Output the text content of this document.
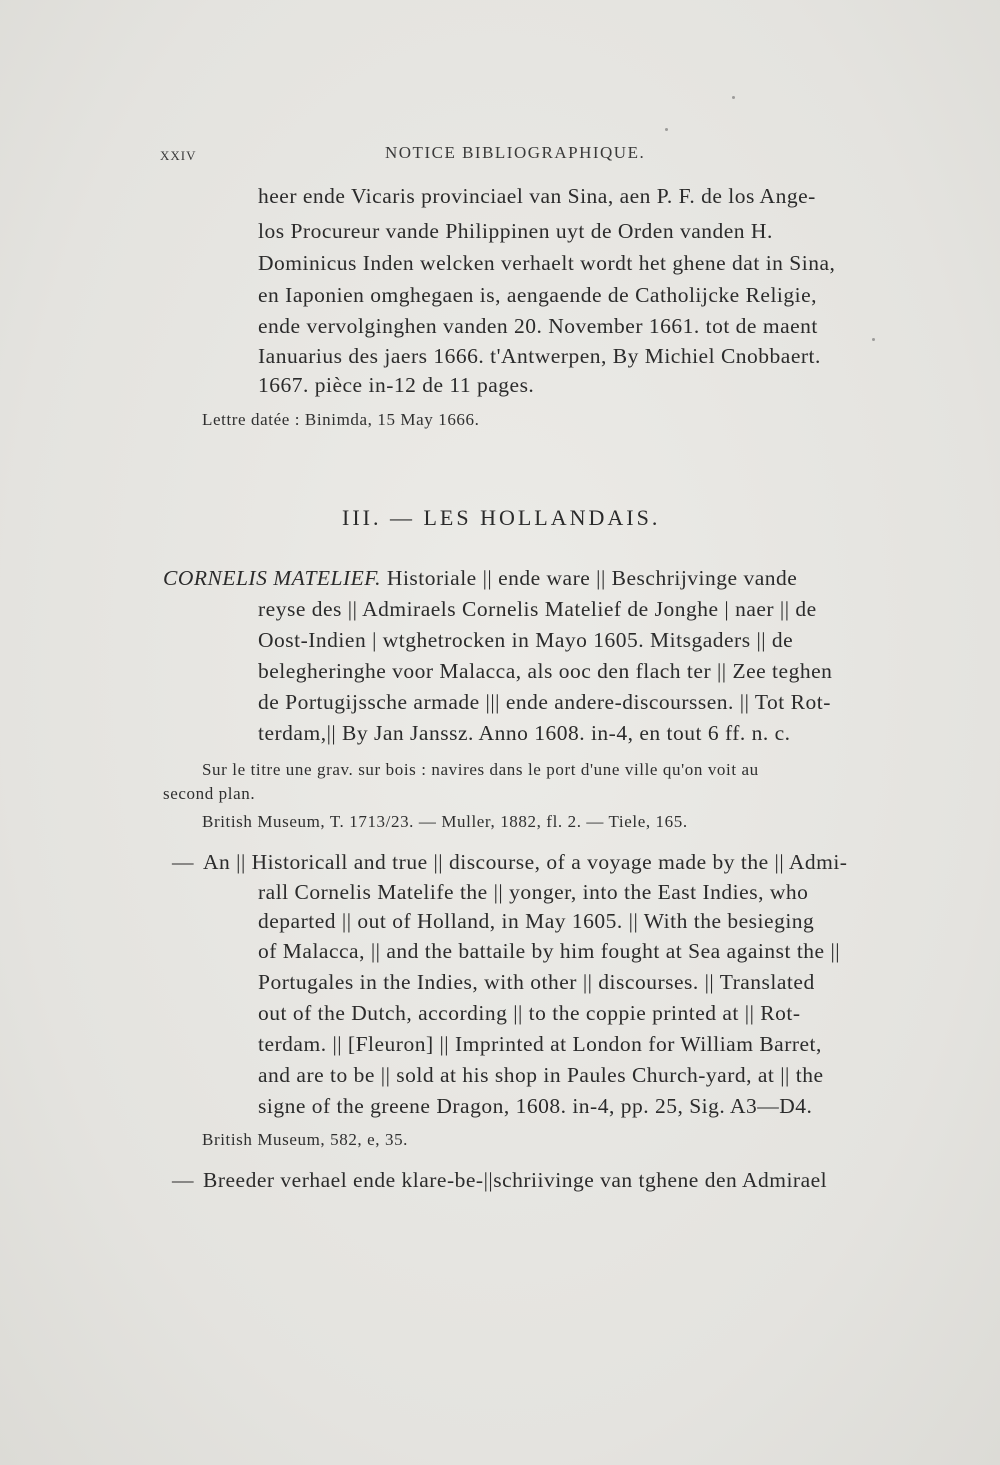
XXIV	NOTICE BIBLIOGRAPHIQUE.
heer ende Vicaris provinciael van Sina, aen P. F. de los Ange-
los Procureur vande Philippinen uyt de Orden vanden H.
Dominicus Inden welcken verhaelt wordt het ghene dat in Sina,
en Iaponien omghegaen is, aengaende de Catholijcke Religie,
ende vervolginghen vanden 20. November 1661. tot de maent
Ianuarius des jaers 1666. t'Antwerpen, By Michiel Cnobbaert.
1667. pièce in-12 de 11 pages.
Lettre datée : Binimda, 15 May 1666.
III. — LES HOLLANDAIS.
CORNELIS MATELIEF. Historiale || ende ware || Beschrijvinge vande
reyse des || Admiraels Cornelis Matelief de Jonghe | naer || de
Oost-Indien | wtghetrocken in Mayo 1605. Mitsgaders || de
belegheringhe voor Malacca, als ooc den flach ter || Zee teghen
de Portugijssche armade ||| ende andere-discourssen. || Tot Rot-
terdam,|| By Jan Janssz. Anno 1608. in-4, en tout 6 ff. n. c.
Sur le titre une grav. sur bois : navires dans le port d'une ville qu'on voit au
second plan.
British Museum, T. 1713/23. — Muller, 1882, fl. 2. — Tiele, 165.
— An || Historicall and true || discourse, of a voyage made by the || Admi-
rall Cornelis Matelife the || yonger, into the East Indies, who
departed || out of Holland, in May 1605. || With the besieging
of Malacca, || and the battaile by him fought at Sea against the ||
Portugales in the Indies, with other || discourses. || Translated
out of the Dutch, according || to the coppie printed at || Rot-
terdam. || [Fleuron] || Imprinted at London for William Barret,
and are to be || sold at his shop in Paules Church-yard, at || the
signe of the greene Dragon, 1608. in-4, pp. 25, Sig. A3—D4.
British Museum, 582, e, 35.
— Breeder verhael ende klare-be-||schriivinge van tghene den Admirael
